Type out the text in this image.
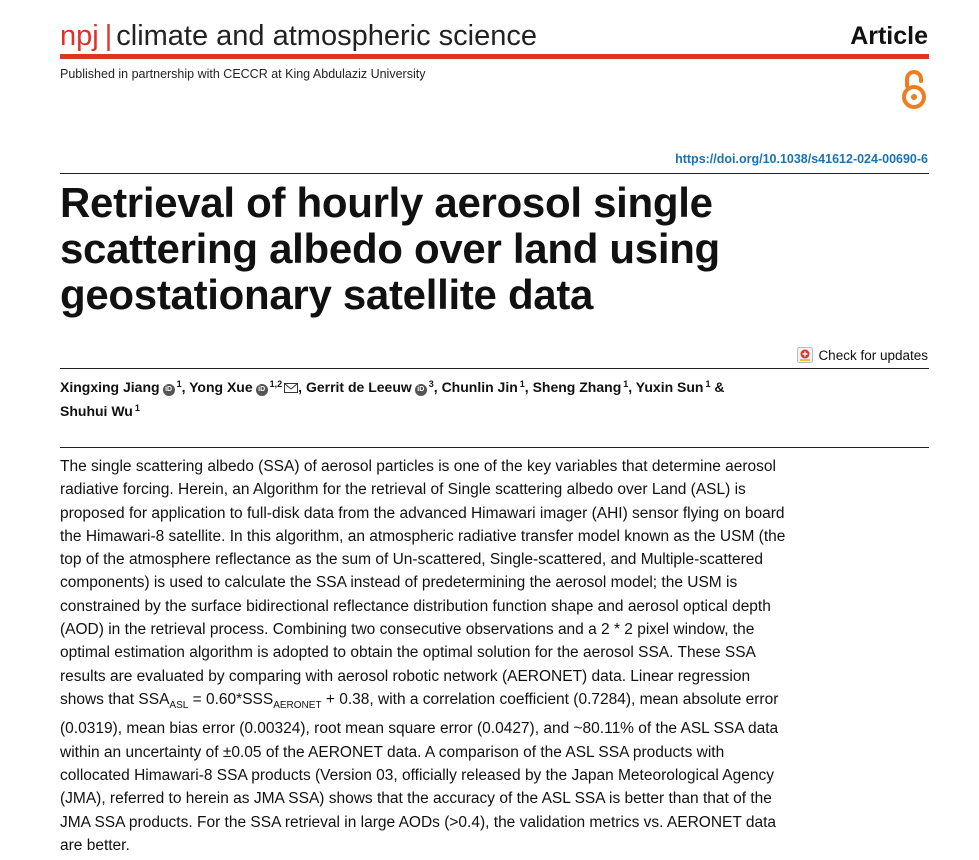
npj | climate and atmospheric science	Article
Published in partnership with CECCR at King Abdulaziz University
https://doi.org/10.1038/s41612-024-00690-6
Retrieval of hourly aerosol single scattering albedo over land using geostationary satellite data
Check for updates
Xingxing Jiang iD$^1$, Yong Xue iD$^{1,2}$ , Gerrit de Leeuw iD$^3$, Chunlin Jin $^1$, Sheng Zhang $^1$, Yuxin Sun $^1$ &
Shuhui Wu $^1$

The single scattering albedo (SSA) of aerosol particles is one of the key variables that determine aerosol radiative forcing. Herein, an Algorithm for the retrieval of Single scattering albedo over Land (ASL) is proposed for application to full-disk data from the advanced Himawari imager (AHI) sensor flying on board the Himawari-8 satellite. In this algorithm, an atmospheric radiative transfer model known as the USM (the top of the atmosphere reflectance as the sum of Un-scattered, Single-scattered, and Multiple-scattered components) is used to calculate the SSA instead of predetermining the aerosol model; the USM is constrained by the surface bidirectional reflectance distribution function shape and aerosol optical depth (AOD) in the retrieval process. Combining two consecutive observations and a 2 * 2 pixel window, the optimal estimation algorithm is adopted to obtain the optimal solution for the aerosol SSA. These SSA results are evaluated by comparing with aerosol robotic network (AERONET) data. Linear regression shows that $SSA_{ASL} = 0.60*SSS_{AERONET} + 0.38$, with a correlation coefficient (0.7284), mean absolute error (0.0319), mean bias error (0.00324), root mean square error (0.0427), and ~80.11% of the ASL SSA data within an uncertainty of ±0.05 of the AERONET data. A comparison of the ASL SSA products with collocated Himawari-8 SSA products (Version 03, officially released by the Japan Meteorological Agency (JMA), referred to herein as JMA SSA) shows that the accuracy of the ASL SSA is better than that of the JMA SSA products. For the SSA retrieval in large AODs (>0.4), the validation metrics vs. AERONET data are better.
